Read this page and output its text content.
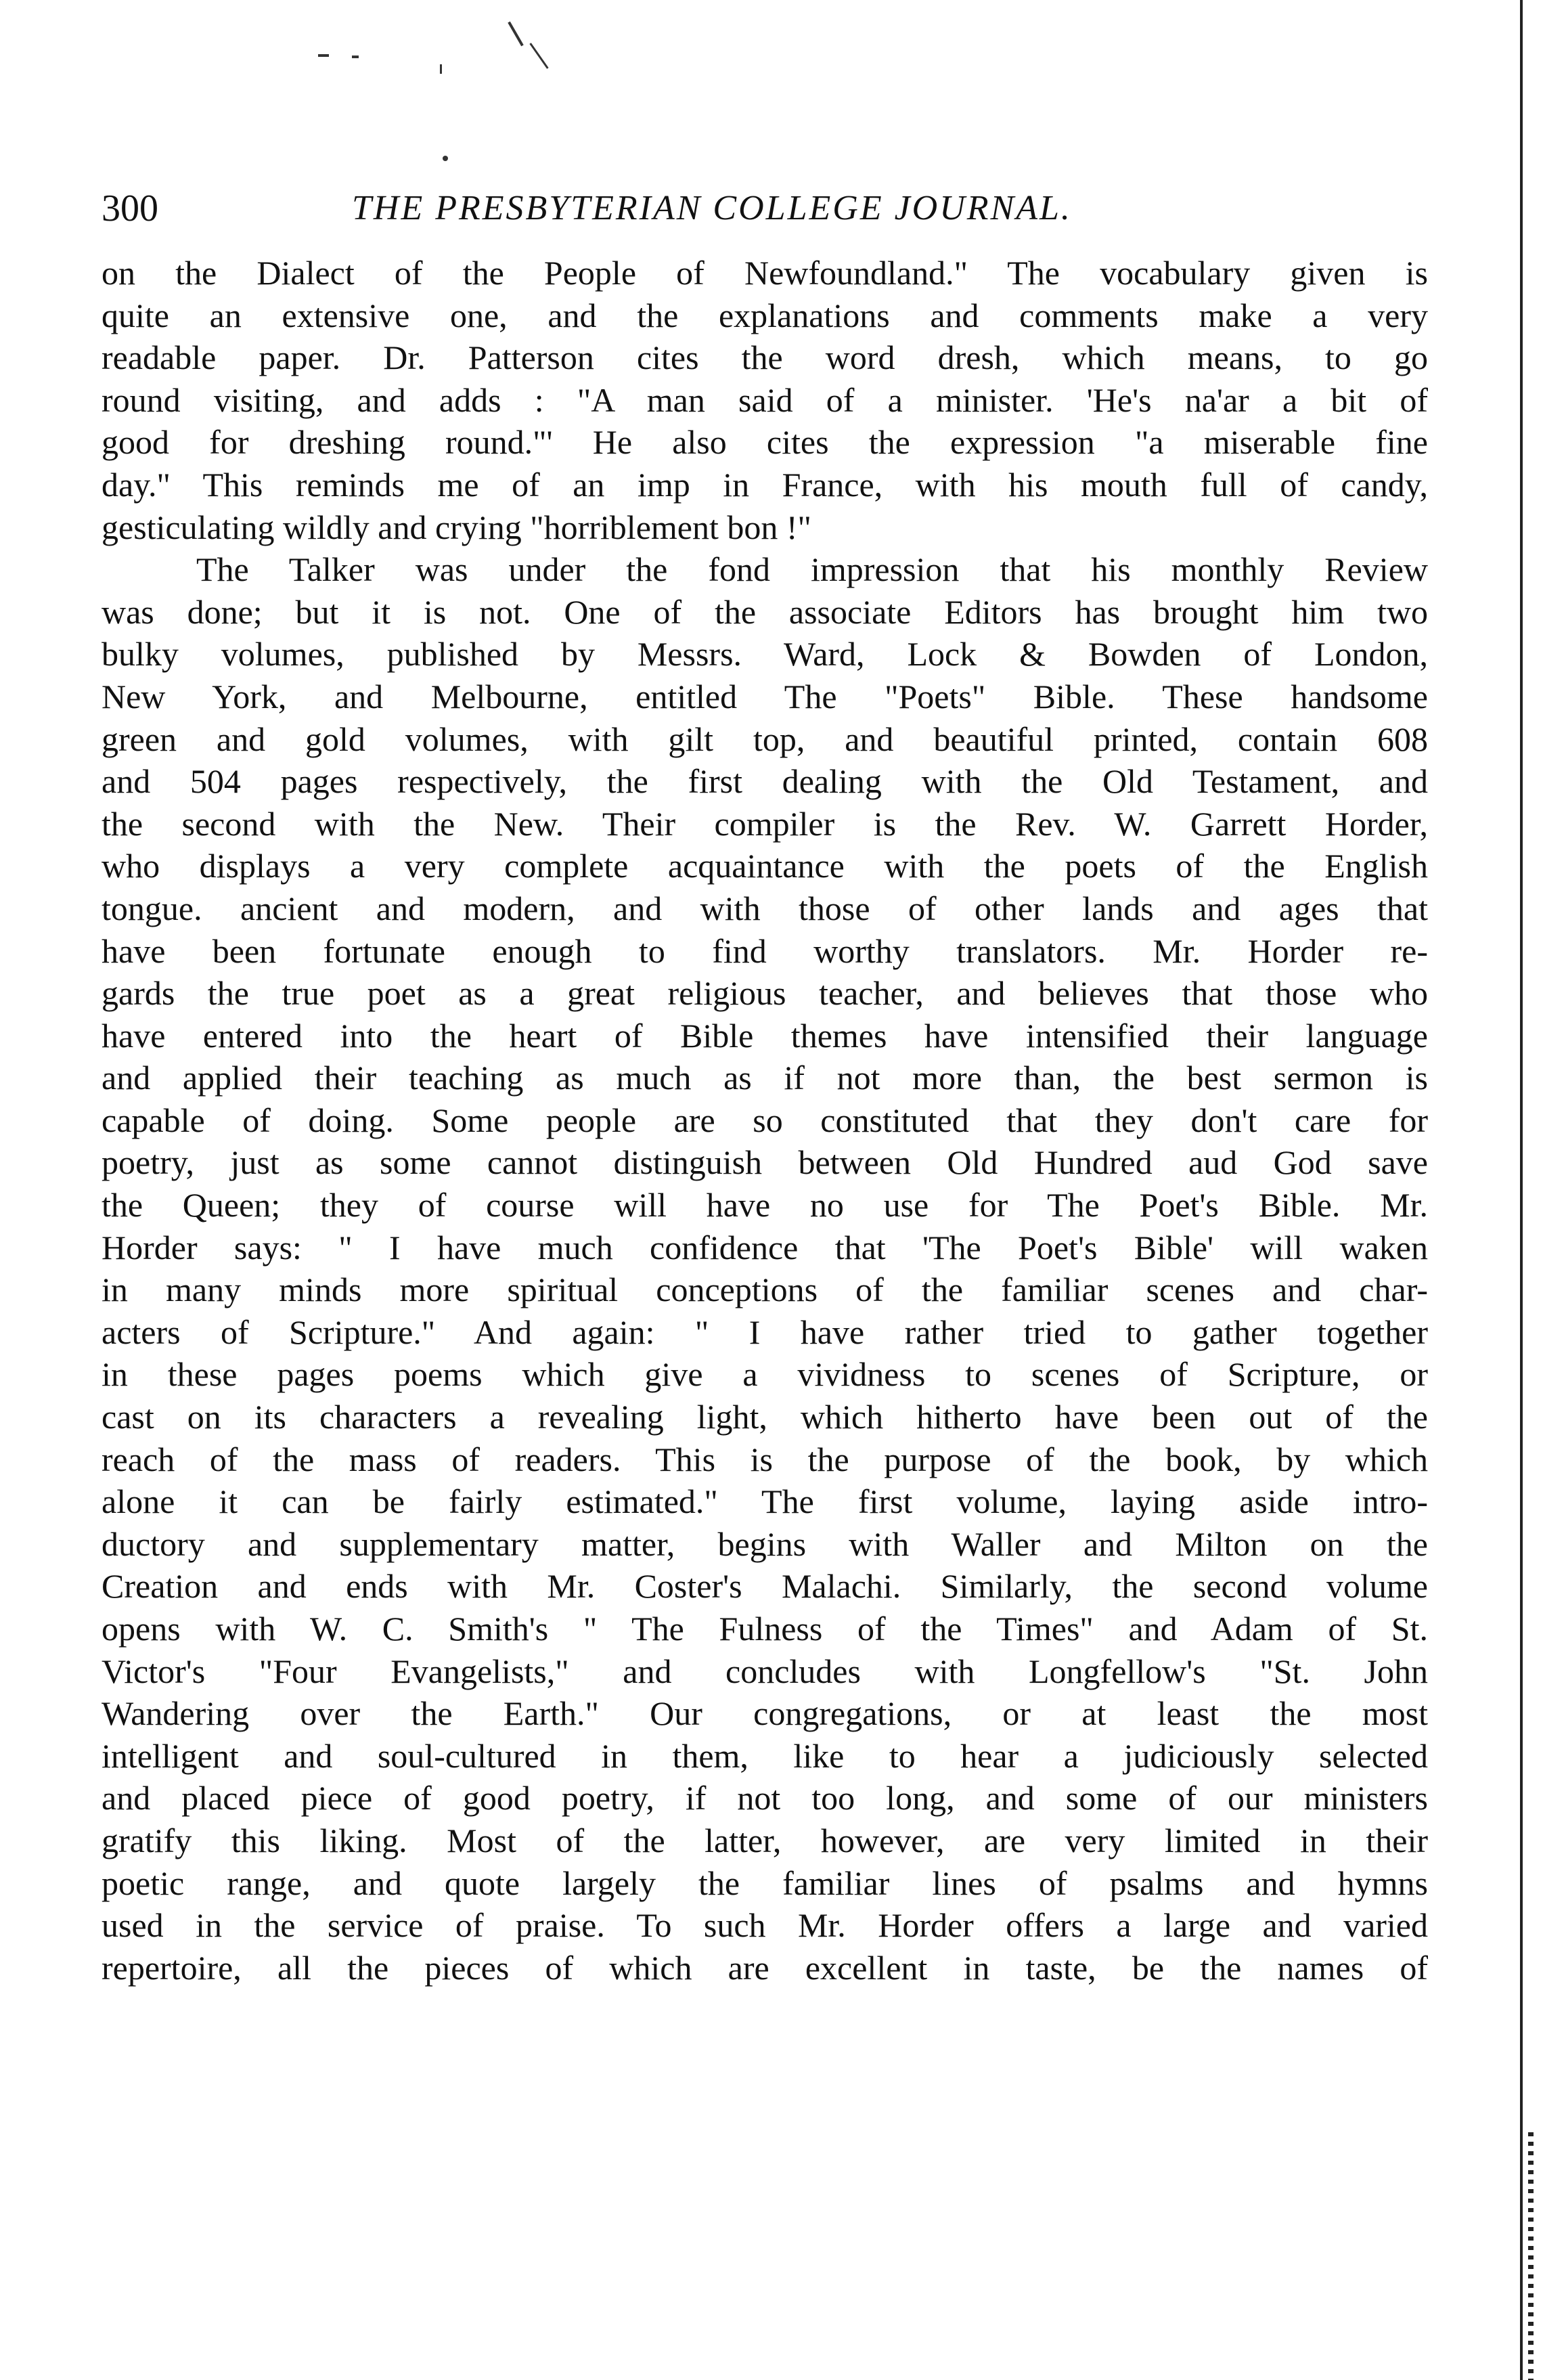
300	THE PRESBYTERIAN COLLEGE JOURNAL.
on the Dialect of the People of Newfoundland." The vocabulary given is
quite an extensive one, and the explanations and comments make a very
readable paper. Dr. Patterson cites the word dresh, which means, to go
round visiting, and adds : "A man said of a minister. 'He's na'ar a bit of
good for dreshing round."' He also cites the expression "a miserable fine
day." This reminds me of an imp in France, with his mouth full of candy,
gesticulating wildly and crying "horriblement bon !"
The Talker was under the fond impression that his monthly Review
was done; but it is not. One of the associate Editors has brought him two
bulky volumes, published by Messrs. Ward, Lock & Bowden of London,
New York, and Melbourne, entitled The "Poets" Bible. These handsome
green and gold volumes, with gilt top, and beautiful printed, contain 608
and 504 pages respectively, the first dealing with the Old Testament, and
the second with the New. Their compiler is the Rev. W. Garrett Horder,
who displays a very complete acquaintance with the poets of the English
tongue. ancient and modern, and with those of other lands and ages that
have been fortunate enough to find worthy translators. Mr. Horder re-
gards the true poet as a great religious teacher, and believes that those who
have entered into the heart of Bible themes have intensified their language
and applied their teaching as much as if not more than, the best sermon is
capable of doing. Some people are so constituted that they don't care for
poetry, just as some cannot distinguish between Old Hundred aud God save
the Queen; they of course will have no use for The Poet's Bible. Mr.
Horder says: " I have much confidence that 'The Poet's Bible' will waken
in many minds more spiritual conceptions of the familiar scenes and char-
acters of Scripture." And again: " I have rather tried to gather together
in these pages poems which give a vividness to scenes of Scripture, or
cast on its characters a revealing light, which hitherto have been out of the
reach of the mass of readers. This is the purpose of the book, by which
alone it can be fairly estimated." The first volume, laying aside intro-
ductory and supplementary matter, begins with Waller and Milton on the
Creation and ends with Mr. Coster's Malachi. Similarly, the second volume
opens with W. C. Smith's " The Fulness of the Times" and Adam of St.
Victor's "Four Evangelists," and concludes with Longfellow's "St. John
Wandering over the Earth." Our congregations, or at least the most
intelligent and soul-cultured in them, like to hear a judiciously selected
and placed piece of good poetry, if not too long, and some of our ministers
gratify this liking. Most of the latter, however, are very limited in their
poetic range, and quote largely the familiar lines of psalms and hymns
used in the service of praise. To such Mr. Horder offers a large and varied
repertoire, all the pieces of which are excellent in taste, be the names of
